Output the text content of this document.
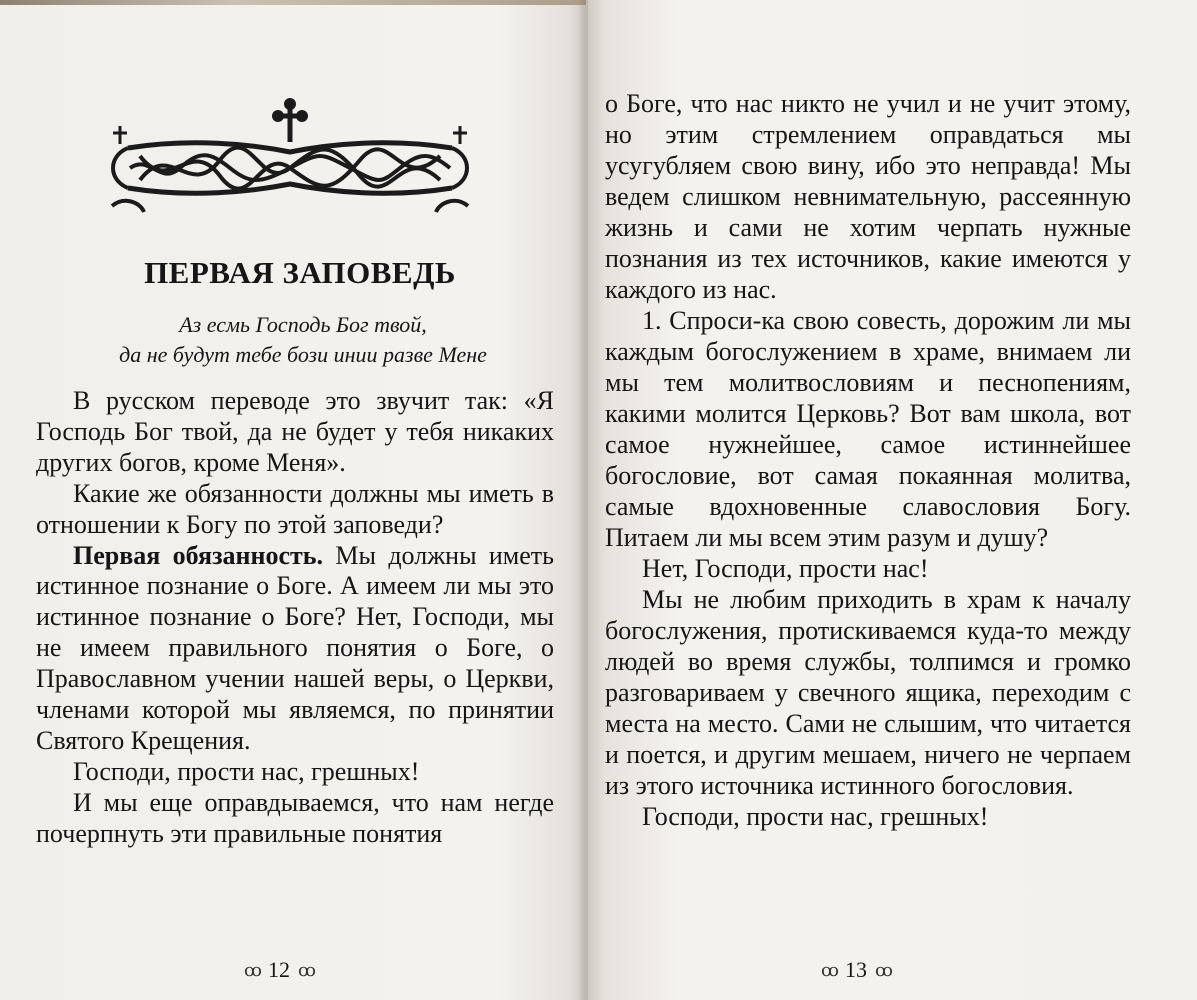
ПЕРВАЯ ЗАПОВЕДЬ
Аз есмь Господь Бог твой,
да не будут тебе бози инии разве Мене

В русском переводе это звучит так: «Я Господь Бог твой, да не будет у тебя никаких других богов, кроме Меня».

Какие же обязанности должны мы иметь в отношении к Богу по этой заповеди?

Первая обязанность. Мы должны иметь истинное познание о Боге. А имеем ли мы это истинное познание о Боге? Нет, Господи, мы не имеем правильного понятия о Боге, о Православном учении нашей веры, о Церкви, членами которой мы являемся, по принятии Святого Крещения.

Господи, прости нас, грешных!

И мы еще оправдываемся, что нам негде почерпнуть эти правильные понятия

ꝏ 12 ꝏ

о Боге, что нас никто не учил и не учит этому, но этим стремлением оправдаться мы усугубляем свою вину, ибо это неправда! Мы ведем слишком невнимательную, рассеянную жизнь и сами не хотим черпать нужные познания из тех источников, какие имеются у каждого из нас.

1. Спроси-ка свою совесть, дорожим ли мы каждым богослужением в храме, внимаем ли мы тем молитвословиям и песнопениям, какими молится Церковь? Вот вам школа, вот самое нужнейшее, самое истиннейшее богословие, вот самая покаянная молитва, самые вдохновенные славословия Богу. Питаем ли мы всем этим разум и душу?

Нет, Господи, прости нас!

Мы не любим приходить в храм к началу богослужения, протискиваемся кудa-то между людей во время службы, толпимся и громко разговариваем у свечного ящика, переходим с места на место. Сами не слышим, что читается и поется, и другим мешаем, ничего не черпаем из этого источника истинного богословия.

Господи, прости нас, грешных!

ꝏ 13 ꝏ
